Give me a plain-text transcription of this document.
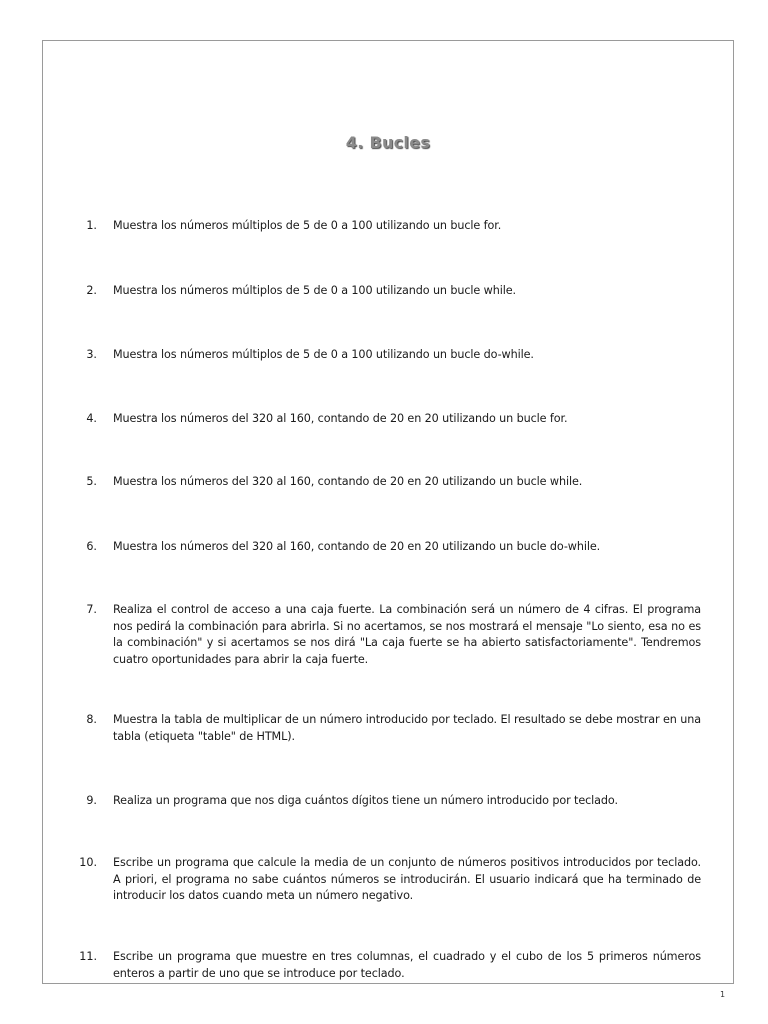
4. Bucles
1. Muestra los números múltiplos de 5 de 0 a 100 utilizando un bucle for.
2. Muestra los números múltiplos de 5 de 0 a 100 utilizando un bucle while.
3. Muestra los números múltiplos de 5 de 0 a 100 utilizando un bucle do-while.
4. Muestra los números del 320 al 160, contando de 20 en 20 utilizando un bucle for.
5. Muestra los números del 320 al 160, contando de 20 en 20 utilizando un bucle while.
6. Muestra los números del 320 al 160, contando de 20 en 20 utilizando un bucle do-while.
7. Realiza el control de acceso a una caja fuerte. La combinación será un número de 4 cifras. El programa nos pedirá la combinación para abrirla. Si no acertamos, se nos mostrará el mensaje "Lo siento, esa no es la combinación" y si acertamos se nos dirá "La caja fuerte se ha abierto satisfactoriamente". Tendremos cuatro oportunidades para abrir la caja fuerte.
8. Muestra la tabla de multiplicar de un número introducido por teclado. El resultado se debe mostrar en una tabla (etiqueta "table" de HTML).
9. Realiza un programa que nos diga cuántos dígitos tiene un número introducido por teclado.
10. Escribe un programa que calcule la media de un conjunto de números positivos introducidos por teclado. A priori, el programa no sabe cuántos números se introducirán. El usuario indicará que ha terminado de introducir los datos cuando meta un número negativo.
11. Escribe un programa que muestre en tres columnas, el cuadrado y el cubo de los 5 primeros números enteros a partir de uno que se introduce por teclado.
1
